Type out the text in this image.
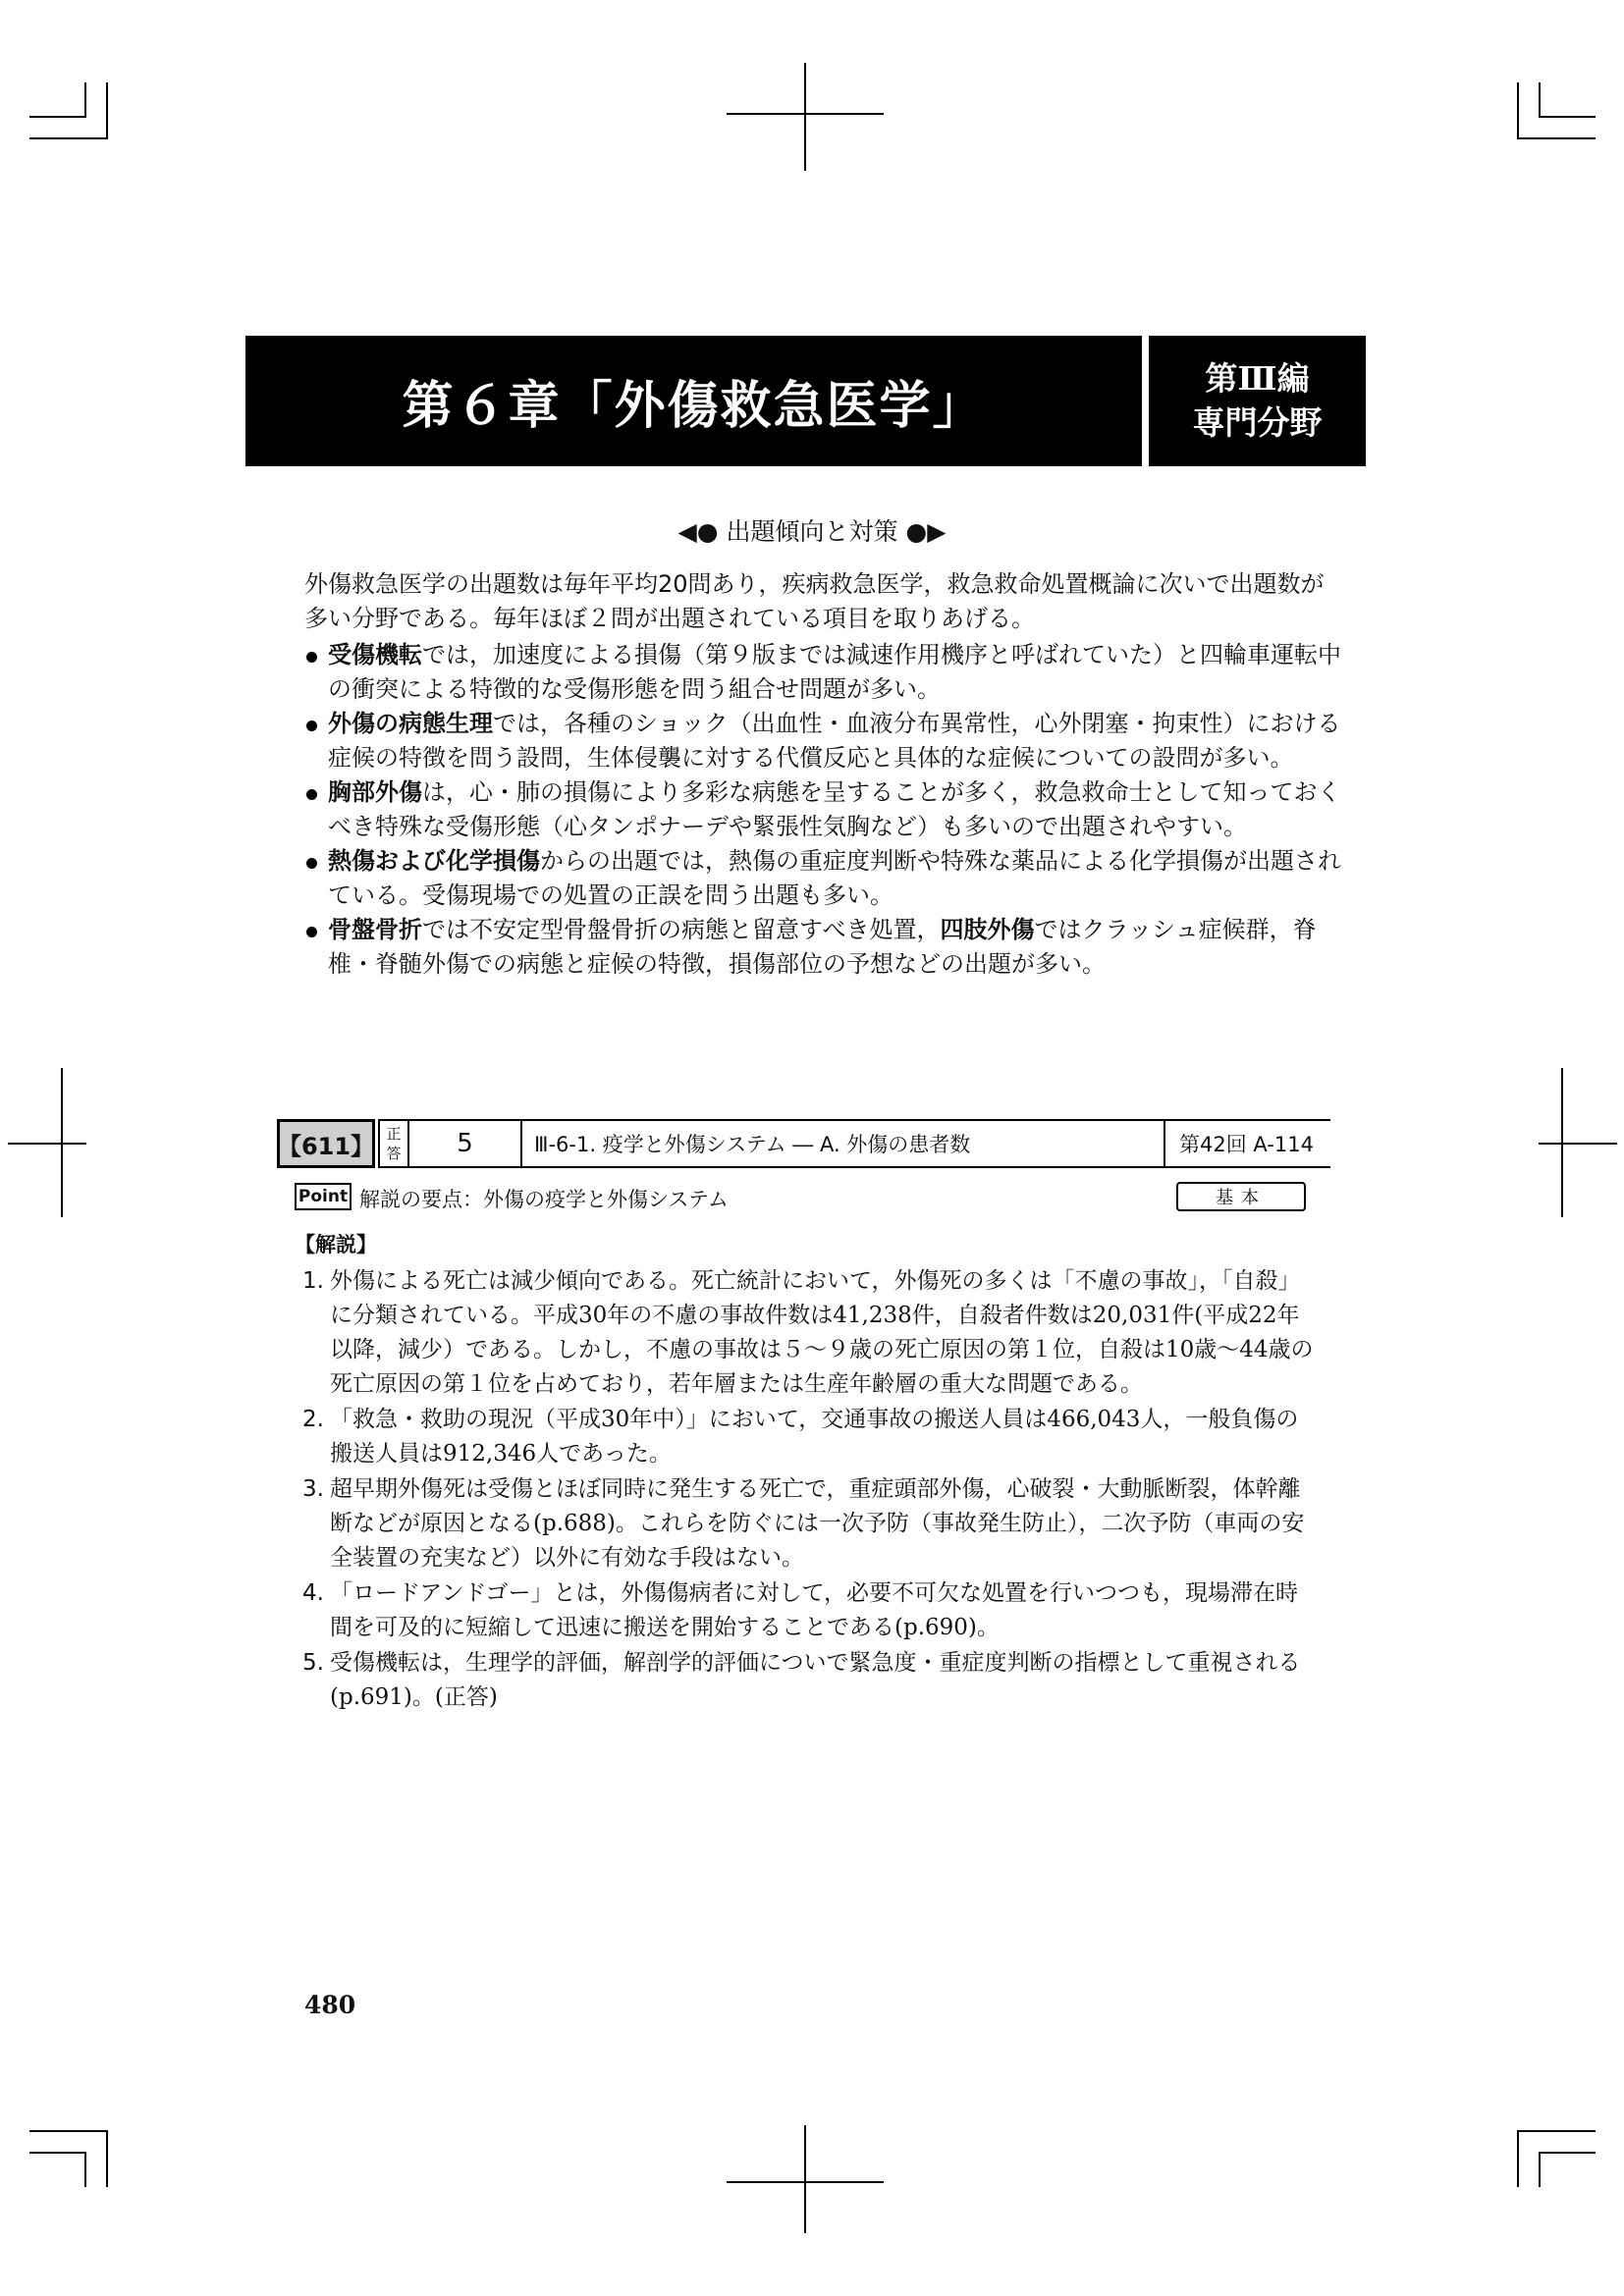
第６章「外傷救急医学」	第Ⅲ編
専門分野
◀● 出題傾向と対策 ●▶

外傷救急医学の出題数は毎年平均20問あり，疾病救急医学，救急救命処置概論に次いで出題数が多い分野である。毎年ほぼ２問が出題されている項目を取りあげる。

受傷機転では，加速度による損傷（第９版までは減速作用機序と呼ばれていた）と四輪車運転中の衝突による特徴的な受傷形態を問う組合せ問題が多い。

外傷の病態生理では，各種のショック（出血性・血液分布異常性，心外閉塞・拘束性）における症候の特徴を問う設問，生体侵襲に対する代償反応と具体的な症候についての設問が多い。

胸部外傷は，心・肺の損傷により多彩な病態を呈することが多く，救急救命士として知っておくべき特殊な受傷形態（心タンポナーデや緊張性気胸など）も多いので出題されやすい。

熱傷および化学損傷からの出題では，熱傷の重症度判断や特殊な薬品による化学損傷が出題されている。受傷現場での処置の正誤を問う出題も多い。

骨盤骨折では不安定型骨盤骨折の病態と留意すべき処置，四肢外傷ではクラッシュ症候群，脊椎・脊髄外傷での病態と症候の特徴，損傷部位の予想などの出題が多い。

【611】 正
答	5	Ⅲ-6-1. 疫学と外傷システム ― A. 外傷の患者数	第42回 A-114
Point 解説の要点：外傷の疫学と外傷システム	基本
【解説】

1. 外傷による死亡は減少傾向である。死亡統計において，外傷死の多くは「不慮の事故」，「自殺」に分類されている。平成30年の不慮の事故件数は41,238件，自殺者件数は20,031件(平成22年以降，減少）である。しかし，不慮の事故は５～９歳の死亡原因の第１位，自殺は10歳～44歳の死亡原因の第１位を占めており，若年層または生産年齢層の重大な問題である。

2. 「救急・救助の現況（平成30年中）」において，交通事故の搬送人員は466,043人，一般負傷の搬送人員は912,346人であった。

3. 超早期外傷死は受傷とほぼ同時に発生する死亡で，重症頭部外傷，心破裂・大動脈断裂，体幹離断などが原因となる(p.688)。これらを防ぐには一次予防（事故発生防止），二次予防（車両の安全装置の充実など）以外に有効な手段はない。

4. 「ロードアンドゴー」とは，外傷傷病者に対して，必要不可欠な処置を行いつつも，現場滞在時間を可及的に短縮して迅速に搬送を開始することである(p.690)。

5. 受傷機転は，生理学的評価，解剖学的評価についで緊急度・重症度判断の指標として重視される(p.691)。(正答)

480
